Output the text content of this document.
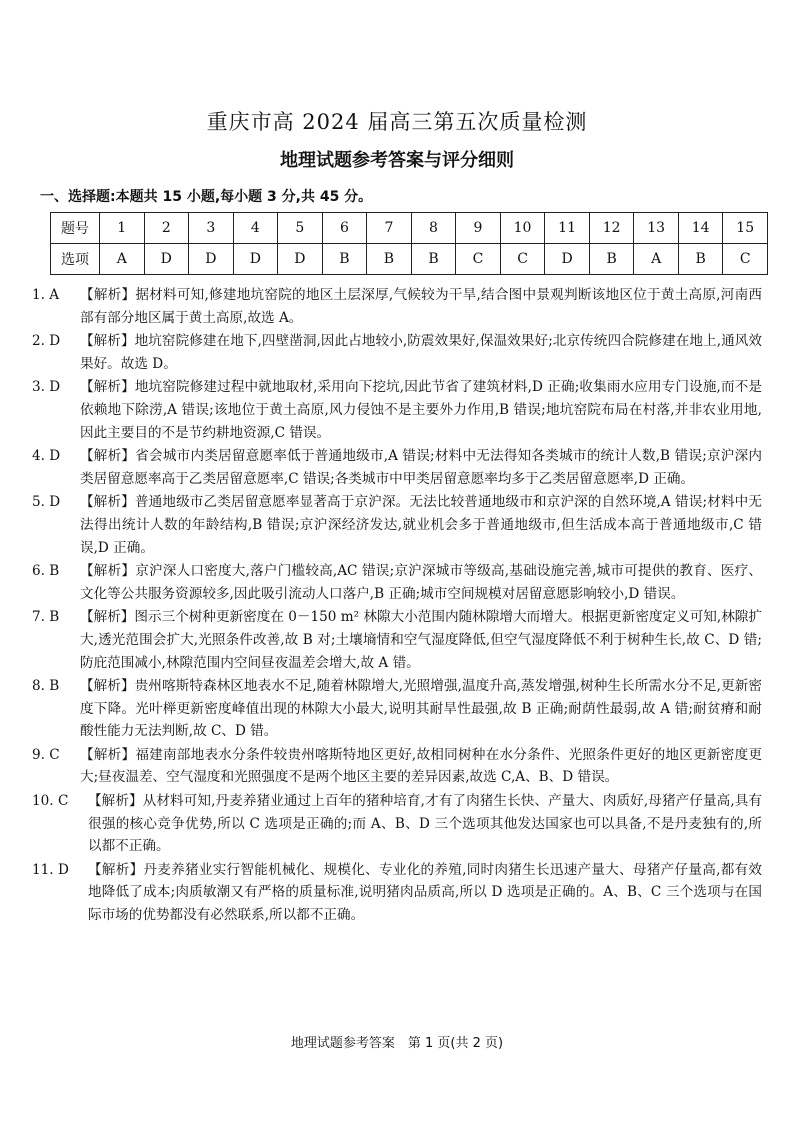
重庆市高 2024 届高三第五次质量检测
地理试题参考答案与评分细则
一、选择题:本题共 15 小题,每小题 3 分,共 45 分。
题号	1	2	3	4	5	6	7	8	9	10	11	12	13	14	15
选项	A	D	D	D	D	B	B	B	C	C	D	B	A	B	C
1. A	【解析】据材料可知,修建地坑窑院的地区土层深厚,气候较为干旱,结合图中景观判断该地区位于黄土高原,河南西部有部分地区属于黄土高原,故选 A。
2. D	【解析】地坑窑院修建在地下,四壁凿洞,因此占地较小,防震效果好,保温效果好;北京传统四合院修建在地上,通风效果好。故选 D。
3. D	【解析】地坑窑院修建过程中就地取材,采用向下挖坑,因此节省了建筑材料,D 正确;收集雨水应用专门设施,而不是依赖地下除涝,A 错误;该地位于黄土高原,风力侵蚀不是主要外力作用,B 错误;地坑窑院布局在村落,并非农业用地,因此主要目的不是节约耕地资源,C 错误。
4. D	【解析】省会城市内类居留意愿率低于普通地级市,A 错误;材料中无法得知各类城市的统计人数,B 错误;京沪深内类居留意愿率高于乙类居留意愿率,C 错误;各类城市中甲类居留意愿率均多于乙类居留意愿率,D 正确。
5. D	【解析】普通地级市乙类居留意愿率显著高于京沪深。无法比较普通地级市和京沪深的自然环境,A 错误;材料中无法得出统计人数的年龄结构,B 错误;京沪深经济发达,就业机会多于普通地级市,但生活成本高于普通地级市,C 错误,D 正确。
6. B	【解析】京沪深人口密度大,落户门槛较高,AC 错误;京沪深城市等级高,基础设施完善,城市可提供的教育、医疗、文化等公共服务资源较多,因此吸引流动人口落户,B 正确;城市空间规模对居留意愿影响较小,D 错误。
7. B	【解析】图示三个树种更新密度在 0－150 m² 林隙大小范围内随林隙增大而增大。根据更新密度定义可知,林隙扩大,透光范围会扩大,光照条件改善,故 B 对;土壤墒情和空气湿度降低,但空气湿度降低不利于树种生长,故 C、D 错;防庇范围减小,林隙范围内空间昼夜温差会增大,故 A 错。
8. B	【解析】贵州喀斯特森林区地表水不足,随着林隙增大,光照增强,温度升高,蒸发增强,树种生长所需水分不足,更新密度下降。光叶榉更新密度峰值出现的林隙大小最大,说明其耐旱性最强,故 B 正确;耐荫性最弱,故 A 错;耐贫瘠和耐酸性能力无法判断,故 C、D 错。
9. C	【解析】福建南部地表水分条件较贵州喀斯特地区更好,故相同树种在水分条件、光照条件更好的地区更新密度更大;昼夜温差、空气湿度和光照强度不是两个地区主要的差异因素,故选 C,A、B、D 错误。
10. C	【解析】从材料可知,丹麦养猪业通过上百年的猪种培育,才有了肉猪生长快、产量大、肉质好,母猪产仔量高,具有很强的核心竞争优势,所以 C 选项是正确的;而 A、B、D 三个选项其他发达国家也可以具备,不是丹麦独有的,所以都不正确。
11. D	【解析】丹麦养猪业实行智能机械化、规模化、专业化的养殖,同时肉猪生长迅速产量大、母猪产仔量高,都有效地降低了成本;肉质敏潮又有严格的质量标准,说明猪肉品质高,所以 D 选项是正确的。A、B、C 三个选项与在国际市场的优势都没有必然联系,所以都不正确。
地理试题参考答案　第 1 页(共 2 页)
